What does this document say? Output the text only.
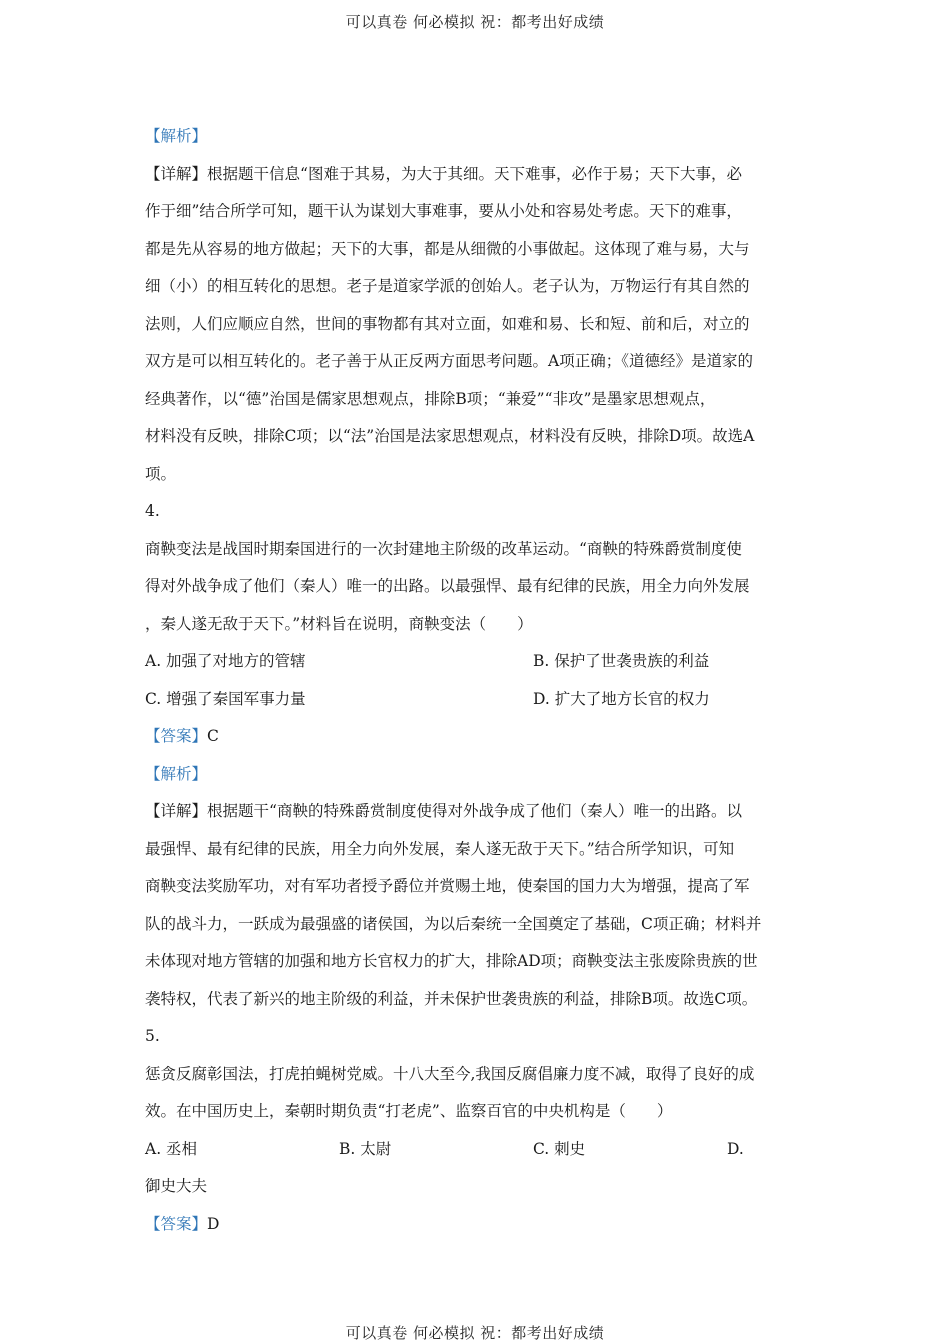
可以真卷 何必模拟 祝：都考出好成绩
【解析】
【详解】根据题干信息“图难于其易，为大于其细。天下难事，必作于易；天下大事，必
作于细”结合所学可知，题干认为谋划大事难事，要从小处和容易处考虑。天下的难事，
都是先从容易的地方做起；天下的大事，都是从细微的小事做起。这体现了难与易，大与
细（小）的相互转化的思想。老子是道家学派的创始人。老子认为，万物运行有其自然的
法则，人们应顺应自然，世间的事物都有其对立面，如难和易、长和短、前和后，对立的
双方是可以相互转化的。老子善于从正反两方面思考问题。A项正确；《道德经》是道家的
经典著作，以“德”治国是儒家思想观点，排除B项；“兼爱”“非攻”是墨家思想观点，
材料没有反映，排除C项；以“法”治国是法家思想观点，材料没有反映，排除D项。故选A
项。
4.
商鞅变法是战国时期秦国进行的一次封建地主阶级的改革运动。“商鞅的特殊爵赏制度使
得对外战争成了他们（秦人）唯一的出路。以最强悍、最有纪律的民族，用全力向外发展
，秦人遂无敌于天下。”材料旨在说明，商鞅变法（　　）
A. 加强了对地方的管辖	B. 保护了世袭贵族的利益
C. 增强了秦国军事力量	D. 扩大了地方长官的权力
【答案】C
【解析】
【详解】根据题干“商鞅的特殊爵赏制度使得对外战争成了他们（秦人）唯一的出路。以
最强悍、最有纪律的民族，用全力向外发展，秦人遂无敌于天下。”结合所学知识，可知
商鞅变法奖励军功，对有军功者授予爵位并赏赐土地，使秦国的国力大为增强，提高了军
队的战斗力，一跃成为最强盛的诸侯国，为以后秦统一全国奠定了基础，C项正确；材料并
未体现对地方管辖的加强和地方长官权力的扩大，排除AD项；商鞅变法主张废除贵族的世
袭特权，代表了新兴的地主阶级的利益，并未保护世袭贵族的利益，排除B项。故选C项。
5.
惩贪反腐彰国法，打虎拍蝇树党威。十八大至今,我国反腐倡廉力度不减，取得了良好的成
效。在中国历史上，秦朝时期负责“打老虎”、监察百官的中央机构是（　　）
A. 丞相	B. 太尉	C. 刺史	D.
御史大夫
【答案】D
可以真卷 何必模拟 祝：都考出好成绩
